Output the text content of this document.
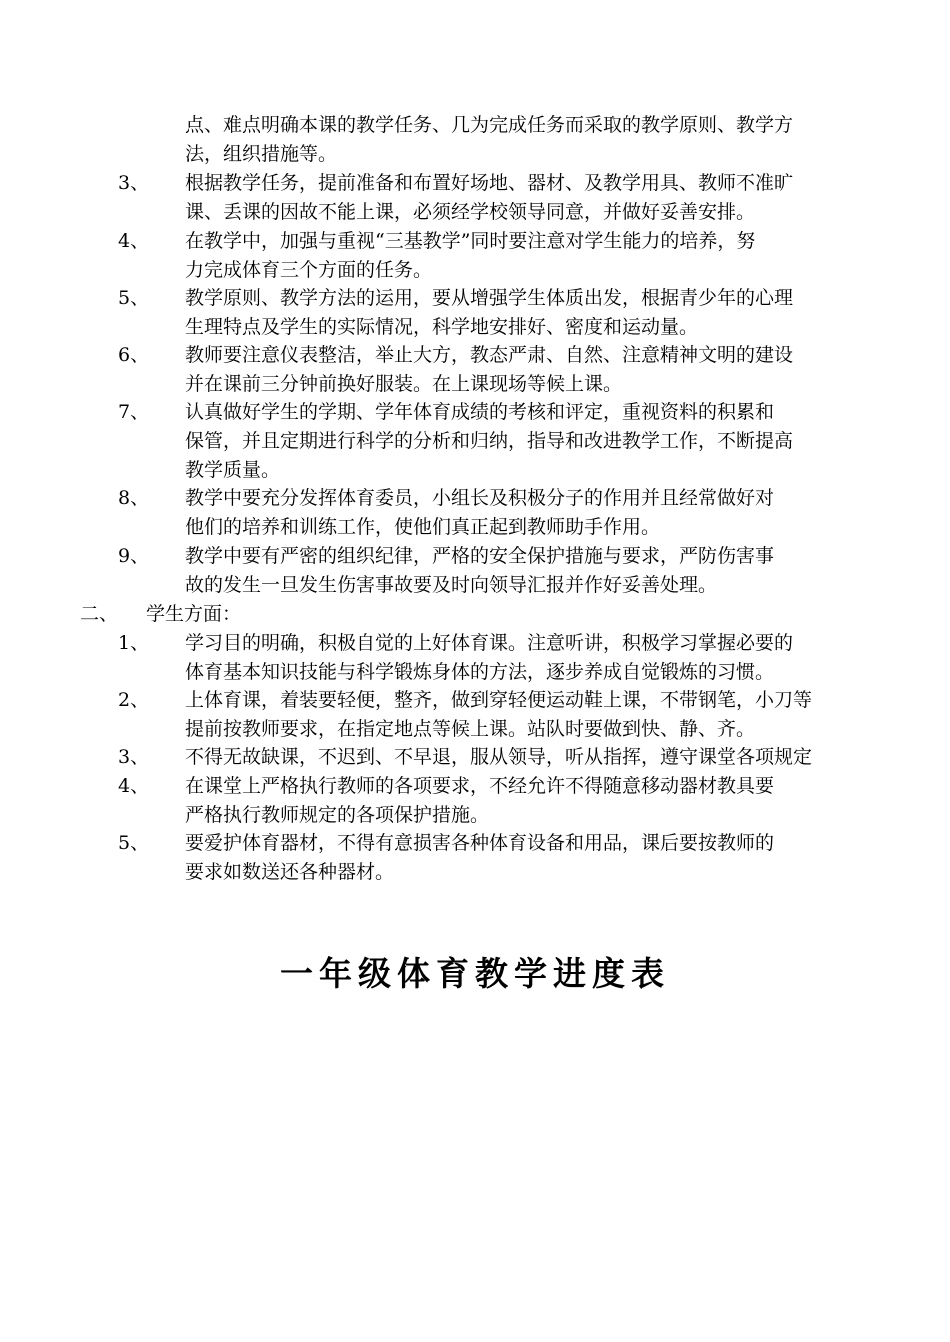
点、难点明确本课的教学任务、几为完成任务而采取的教学原则、教学方
法，组织措施等。
3、 根据教学任务，提前准备和布置好场地、器材、及教学用具、教师不准旷
课、丢课的因故不能上课，必须经学校领导同意，并做好妥善安排。
4、 在教学中，加强与重视“三基教学”同时要注意对学生能力的培养，努
力完成体育三个方面的任务。
5、 教学原则、教学方法的运用，要从增强学生体质出发，根据青少年的心理
生理特点及学生的实际情况，科学地安排好、密度和运动量。
6、 教师要注意仪表整洁，举止大方，教态严肃、自然、注意精神文明的建设
并在课前三分钟前换好服装。在上课现场等候上课。
7、 认真做好学生的学期、学年体育成绩的考核和评定，重视资料的积累和
保管，并且定期进行科学的分析和归纳，指导和改进教学工作，不断提高
教学质量。
8、 教学中要充分发挥体育委员，小组长及积极分子的作用并且经常做好对
他们的培养和训练工作，使他们真正起到教师助手作用。
9、 教学中要有严密的组织纪律，严格的安全保护措施与要求，严防伤害事
故的发生一旦发生伤害事故要及时向领导汇报并作好妥善处理。
二、 学生方面：
1、 学习目的明确，积极自觉的上好体育课。注意听讲，积极学习掌握必要的
体育基本知识技能与科学锻炼身体的方法，逐步养成自觉锻炼的习惯。
2、 上体育课，着装要轻便，整齐，做到穿轻便运动鞋上课，不带钢笔，小刀等
提前按教师要求，在指定地点等候上课。站队时要做到快、静、齐。
3、 不得无故缺课，不迟到、不早退，服从领导，听从指挥，遵守课堂各项规定
4、 在课堂上严格执行教师的各项要求，不经允许不得随意移动器材教具要
严格执行教师规定的各项保护措施。
5、 要爱护体育器材，不得有意损害各种体育设备和用品，课后要按教师的
要求如数送还各种器材。
一年级体育教学进度表
